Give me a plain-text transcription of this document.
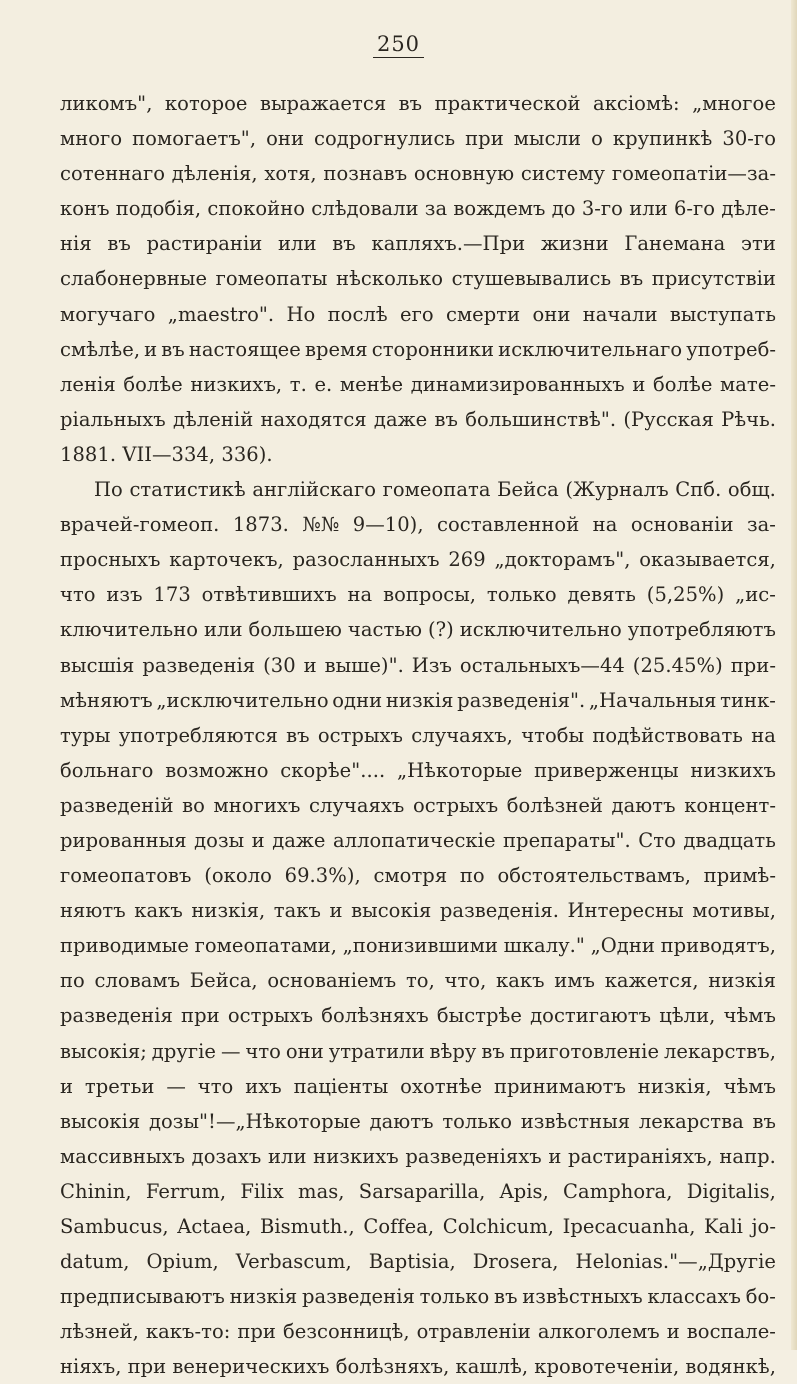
250
ликомъ", которое выражается въ практической аксіомѣ: „многое
много помогаетъ", они содрогнулись при мысли о крупинкѣ 30-го
сотеннаго дѣленія, хотя, познавъ основную систему гомеопатіи—за-
конъ подобія, спокойно слѣдовали за вождемъ до 3-го или 6-го дѣле-
нія въ растираніи или въ капляхъ.—При жизни Ганемана эти
слабонервные гомеопаты нѣсколько стушевывались въ присутствіи
могучаго „maestro". Но послѣ его смерти они начали выступать
смѣлѣе, и въ настоящее время сторонники исключительнаго употреб-
ленія болѣе низкихъ, т. е. менѣе динамизированныхъ и болѣе мате-
ріальныхъ дѣленій находятся даже въ большинствѣ". (Русская Рѣчь.
1881. VII—334, 336).
По статистикѣ англійскаго гомеопата Бейса (Журналъ Спб. общ.
врачей-гомеоп. 1873. №№ 9—10), составленной на основаніи за-
просныхъ карточекъ, разосланныхъ 269 „докторамъ", оказывается,
что изъ 173 отвѣтившихъ на вопросы, только девять (5,25%) „ис-
ключительно или большею частью (?) исключительно употребляютъ
высшія разведенія (30 и выше)". Изъ остальныхъ—44 (25.45%) при-
мѣняютъ „исключительно одни низкія разведенія". „Начальныя тинк-
туры употребляются въ острыхъ случаяхъ, чтобы подѣйствовать на
больнаго возможно скорѣе".... „Нѣкоторые приверженцы низкихъ
разведеній во многихъ случаяхъ острыхъ болѣзней даютъ концент-
рированныя дозы и даже аллопатическіе препараты". Сто двадцать
гомеопатовъ (около 69.3%), смотря по обстоятельствамъ, примѣ-
няютъ какъ низкія, такъ и высокія разведенія. Интересны мотивы,
приводимые гомеопатами, „понизившими шкалу." „Одни приводятъ,
по словамъ Бейса, основаніемъ то, что, какъ имъ кажется, низкія
разведенія при острыхъ болѣзняхъ быстрѣе достигаютъ цѣли, чѣмъ
высокія; другіе — что они утратили вѣру въ приготовленіе лекарствъ,
и третьи — что ихъ паціенты охотнѣе принимаютъ низкія, чѣмъ
высокія дозы"!—„Нѣкоторые даютъ только извѣстныя лекарства въ
массивныхъ дозахъ или низкихъ разведеніяхъ и растираніяхъ, напр.
Chinin, Ferrum, Filix mas, Sarsaparilla, Apis, Camphora, Digitalis,
Sambucus, Actaea, Bismuth., Coffea, Colchicum, Ipecacuanha, Kali jo-
datum, Opium, Verbascum, Baptisia, Drosera, Helonias."—„Другіе
предписываютъ низкія разведенія только въ извѣстныхъ классахъ бо-
лѣзней, какъ-то: при безсонницѣ, отравленіи алкоголемъ и воспале-
ніяхъ, при венерическихъ болѣзняхъ, кашлѣ, кровотеченіи, водянкѣ,
